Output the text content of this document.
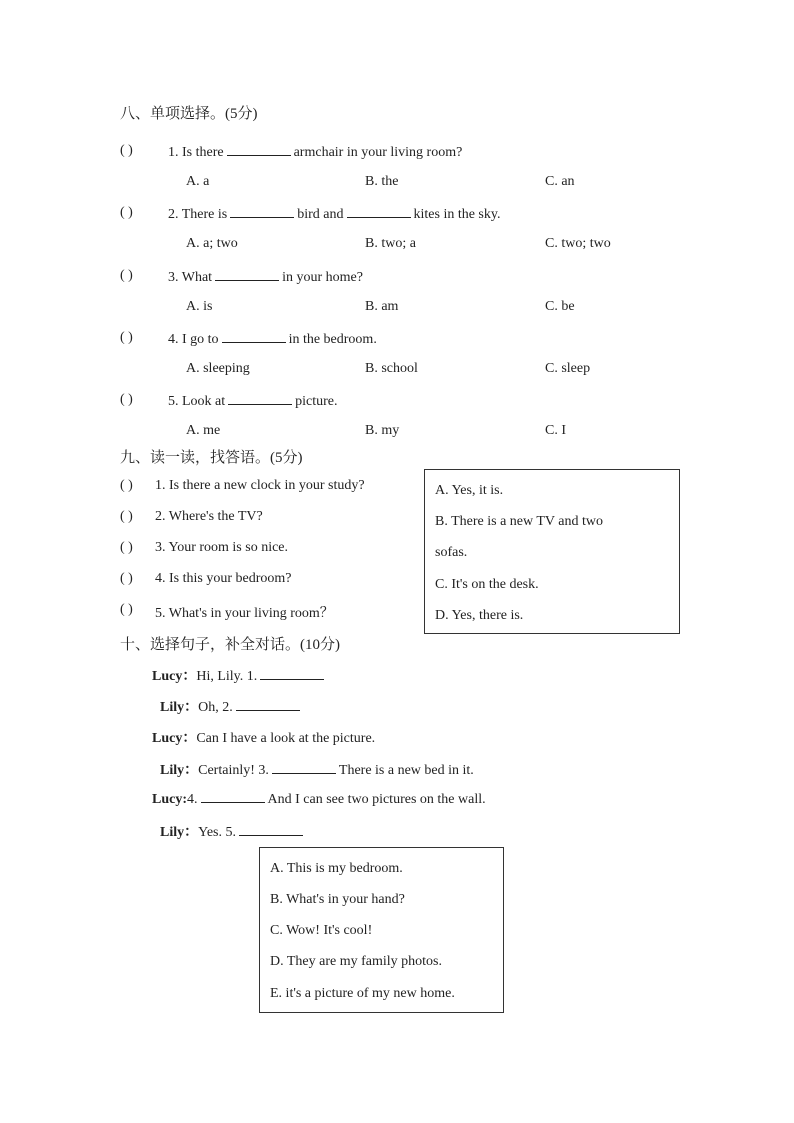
八、单项选择。(5分)
( )	1. Is there	armchair in your living room?
A. a	B. the	C. an
( )	2. There is	bird and	kites in the sky.
A. a; two	B. two; a	C. two; two
( )	3. What	in your home?
A. is	B. am	C. be
( )	4. I go to	in the bedroom.
A. sleeping	B. school	C. sleep
( )	5. Look at	picture.
A. me	B. my	C. I
九、读一读，找答语。(5分)
( ) 1. Is there a new clock in your study?
( ) 2. Where's the TV?
( ) 3. Your room is so nice.
( ) 4. Is this your bedroom?
( ) 5. What's in your living room？
A. Yes, it is.
B. There is a new TV and two
sofas.
C. It's on the desk.
D. Yes, there is.
十、选择句子，补全对话。(10分)
Lucy：Hi, Lily. 1.
Lily：Oh, 2.
Lucy：Can I have a look at the picture.
Lily：Certainly! 3.	There is a new bed in it.
Lucy:4.	And I can see two pictures on the wall.
Lily：Yes. 5.
A. This is my bedroom.
B. What's in your hand?
C. Wow! It's cool!
D. They are my family photos.
E. it's a picture of my new home.
